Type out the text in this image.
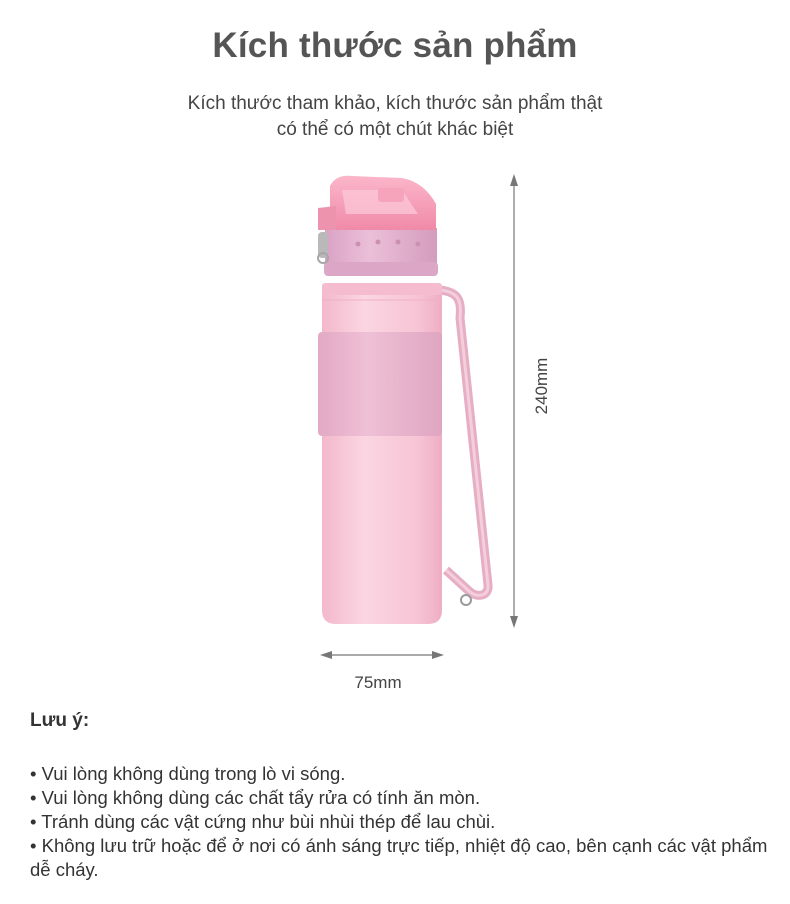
Kích thước sản phẩm
Kích thước tham khảo, kích thước sản phẩm thật
có thể có một chút khác biệt
75mm
240mm
Lưu ý:
• Vui lòng không dùng trong lò vi sóng.
• Vui lòng không dùng các chất tẩy rửa có tính ăn mòn.
• Tránh dùng các vật cứng như bùi nhùi thép để lau chùi.
• Không lưu trữ hoặc để ở nơi có ánh sáng trực tiếp, nhiệt độ cao, bên cạnh các vật phẩm dễ cháy.
